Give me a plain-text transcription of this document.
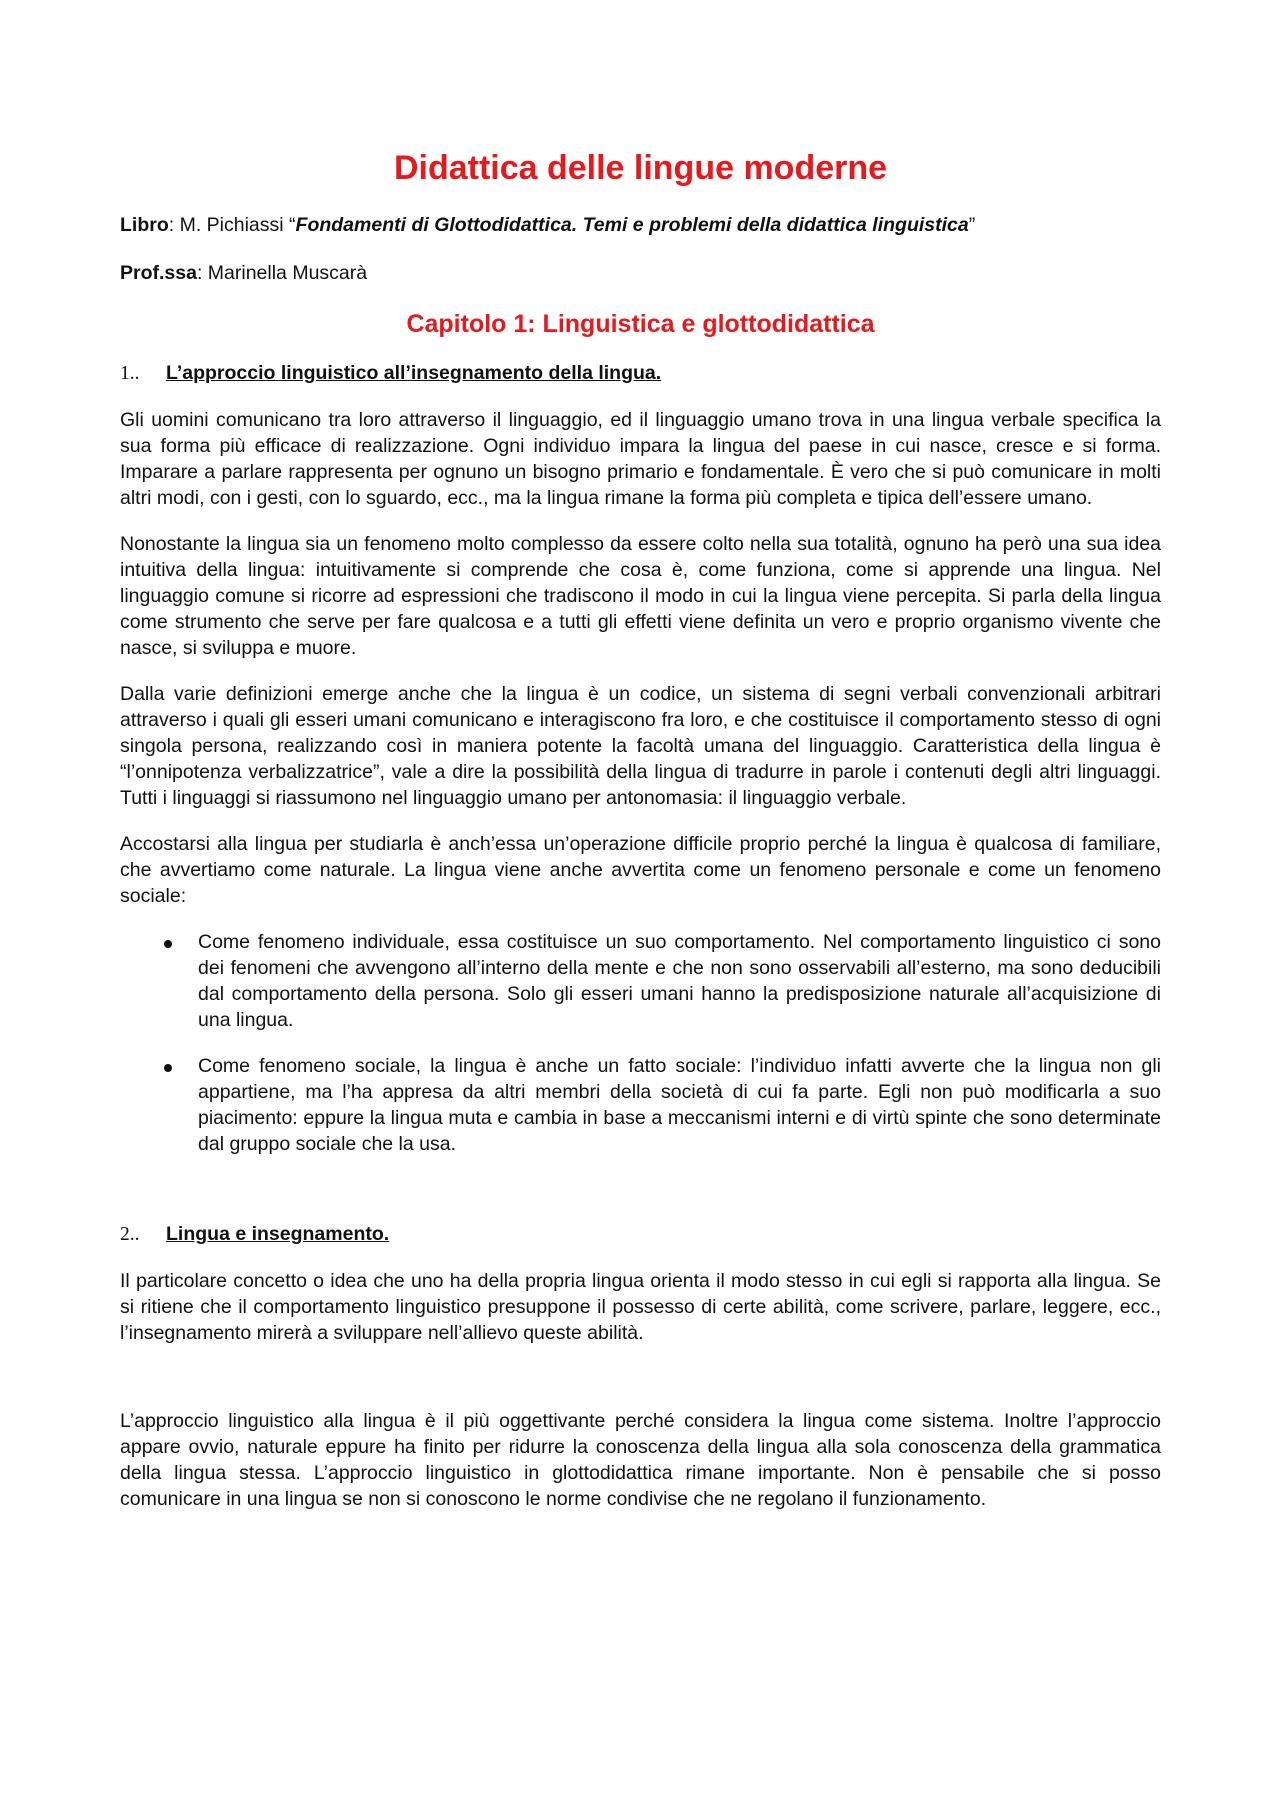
Didattica delle lingue moderne
Libro: M. Pichiassi “Fondamenti di Glottodidattica. Temi e problemi della didattica linguistica”
Prof.ssa: Marinella Muscarà
Capitolo 1: Linguistica e glottodidattica
1.. L’approccio linguistico all’insegnamento della lingua.

Gli uomini comunicano tra loro attraverso il linguaggio, ed il linguaggio umano trova in una lingua verbale specifica la sua forma più efficace di realizzazione. Ogni individuo impara la lingua del paese in cui nasce, cresce e si forma. Imparare a parlare rappresenta per ognuno un bisogno primario e fondamentale. È vero che si può comunicare in molti altri modi, con i gesti, con lo sguardo, ecc., ma la lingua rimane la forma più completa e tipica dell’essere umano.

Nonostante la lingua sia un fenomeno molto complesso da essere colto nella sua totalità, ognuno ha però una sua idea intuitiva della lingua: intuitivamente si comprende che cosa è, come funziona, come si apprende una lingua. Nel linguaggio comune si ricorre ad espressioni che tradiscono il modo in cui la lingua viene percepita. Si parla della lingua come strumento che serve per fare qualcosa e a tutti gli effetti viene definita un vero e proprio organismo vivente che nasce, si sviluppa e muore.

Dalla varie definizioni emerge anche che la lingua è un codice, un sistema di segni verbali convenzionali arbitrari attraverso i quali gli esseri umani comunicano e interagiscono fra loro, e che costituisce il comportamento stesso di ogni singola persona, realizzando così in maniera potente la facoltà umana del linguaggio. Caratteristica della lingua è “l’onnipotenza verbalizzatrice”, vale a dire la possibilità della lingua di tradurre in parole i contenuti degli altri linguaggi. Tutti i linguaggi si riassumono nel linguaggio umano per antonomasia: il linguaggio verbale.

Accostarsi alla lingua per studiarla è anch’essa un’operazione difficile proprio perché la lingua è qualcosa di familiare, che avvertiamo come naturale. La lingua viene anche avvertita come un fenomeno personale e come un fenomeno sociale:

Come fenomeno individuale, essa costituisce un suo comportamento. Nel comportamento linguistico ci sono dei fenomeni che avvengono all’interno della mente e che non sono osservabili all’esterno, ma sono deducibili dal comportamento della persona. Solo gli esseri umani hanno la predisposizione naturale all’acquisizione di una lingua.
Come fenomeno sociale, la lingua è anche un fatto sociale: l’individuo infatti avverte che la lingua non gli appartiene, ma l’ha appresa da altri membri della società di cui fa parte. Egli non può modificarla a suo piacimento: eppure la lingua muta e cambia in base a meccanismi interni e di virtù spinte che sono determinate dal gruppo sociale che la usa.
2.. Lingua e insegnamento.

Il particolare concetto o idea che uno ha della propria lingua orienta il modo stesso in cui egli si rapporta alla lingua. Se si ritiene che il comportamento linguistico presuppone il possesso di certe abilità, come scrivere, parlare, leggere, ecc., l’insegnamento mirerà a sviluppare nell’allievo queste abilità.

L’approccio linguistico alla lingua è il più oggettivante perché considera la lingua come sistema. Inoltre l’approccio appare ovvio, naturale eppure ha finito per ridurre la conoscenza della lingua alla sola conoscenza della grammatica della lingua stessa. L’approccio linguistico in glottodidattica rimane importante. Non è pensabile che si posso comunicare in una lingua se non si conoscono le norme condivise che ne regolano il funzionamento.
